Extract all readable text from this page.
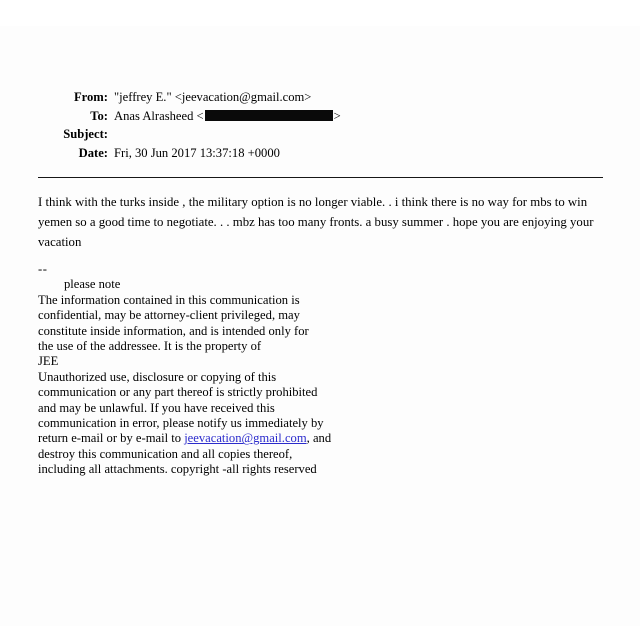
From: "jeffrey E." <jeevacation@gmail.com>
To: Anas Alrasheed <	>
Subject:
Date: Fri, 30 Jun 2017 13:37:18 +0000
I think with the turks inside , the military option is no longer viable. . i think there is no way for mbs to win yemen so a good time to negotiate. . . mbz has too many fronts. a busy summer . hope you are enjoying your vacation
--
please note
The information contained in this communication is
confidential, may be attorney-client privileged, may
constitute inside information, and is intended only for
the use of the addressee. It is the property of
JEE
Unauthorized use, disclosure or copying of this
communication or any part thereof is strictly prohibited
and may be unlawful. If you have received this
communication in error, please notify us immediately by
return e-mail or by e-mail to jeevacation@gmail.com, and
destroy this communication and all copies thereof,
including all attachments. copyright -all rights reserved
